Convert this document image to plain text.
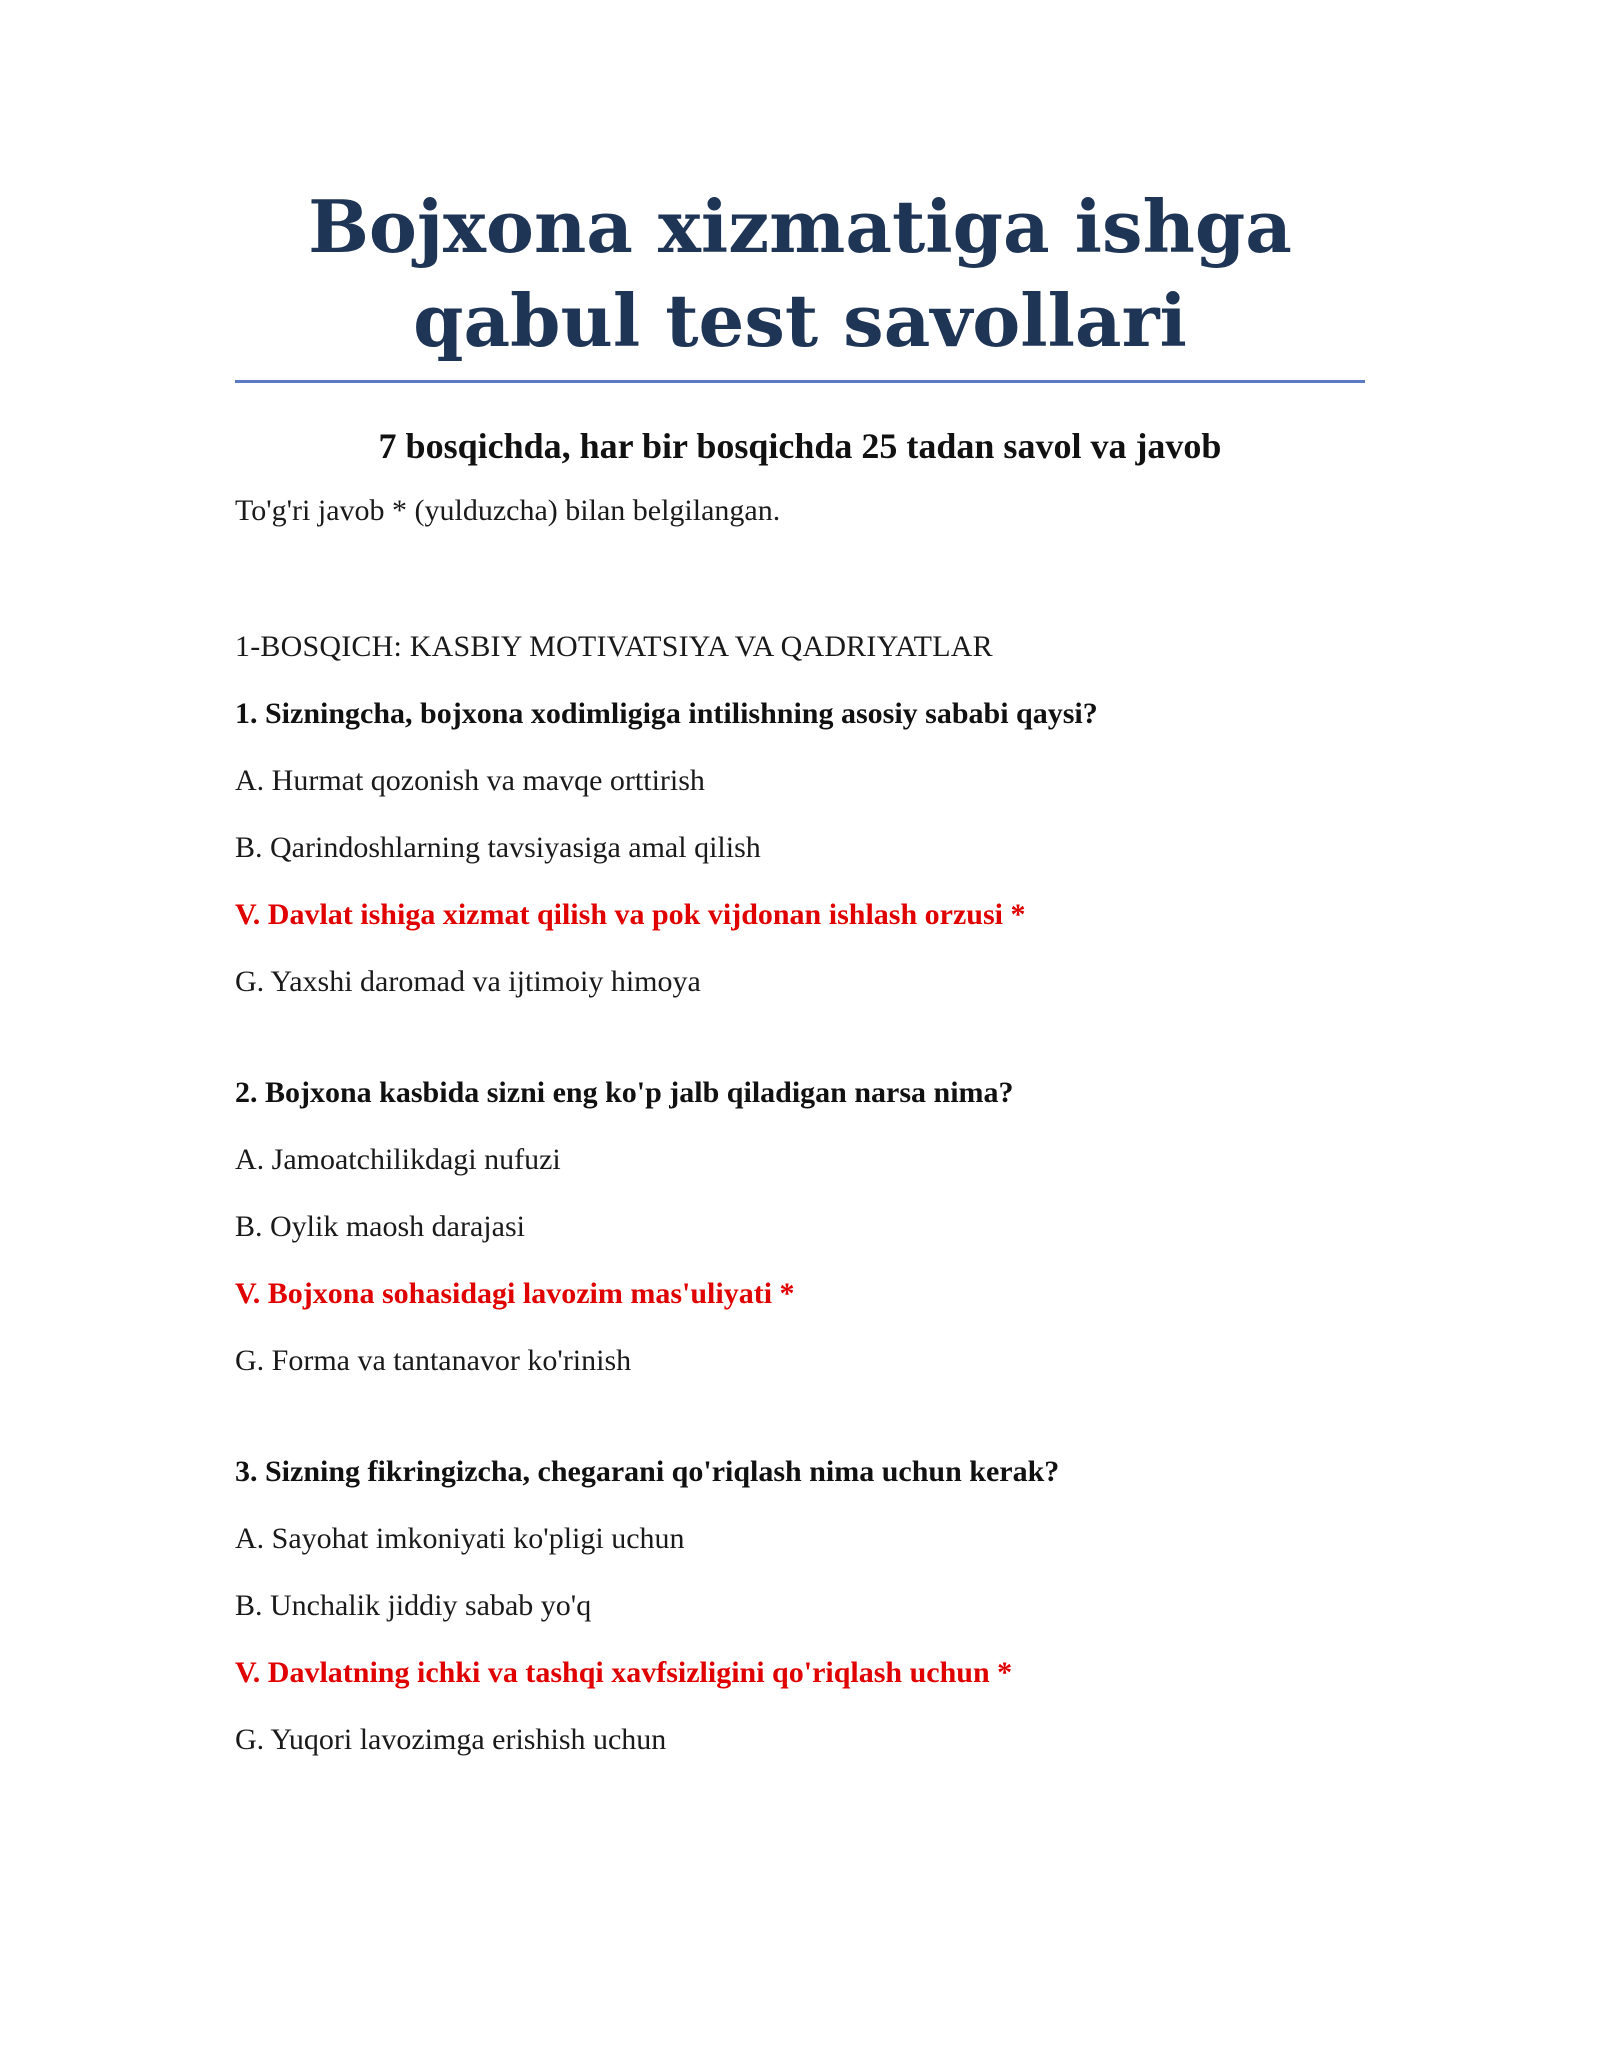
Bojxona xizmatiga ishga qabul test savollari

7 bosqichda, har bir bosqichda 25 tadan savol va javob

To'g'ri javob * (yulduzcha) bilan belgilangan.

1-BOSQICH: KASBIY MOTIVATSIYA VA QADRIYATLAR

1. Sizningcha, bojxona xodimligiga intilishning asosiy sababi qaysi?

A. Hurmat qozonish va mavqe orttirish

B. Qarindoshlarning tavsiyasiga amal qilish

V. Davlat ishiga xizmat qilish va pok vijdonan ishlash orzusi *

G. Yaxshi daromad va ijtimoiy himoya

2. Bojxona kasbida sizni eng ko'p jalb qiladigan narsa nima?

A. Jamoatchilikdagi nufuzi

B. Oylik maosh darajasi

V. Bojxona sohasidagi lavozim mas'uliyati *

G. Forma va tantanavor ko'rinish

3. Sizning fikringizcha, chegarani qo'riqlash nima uchun kerak?

A. Sayohat imkoniyati ko'pligi uchun

B. Unchalik jiddiy sabab yo'q

V. Davlatning ichki va tashqi xavfsizligini qo'riqlash uchun *

G. Yuqori lavozimga erishish uchun
